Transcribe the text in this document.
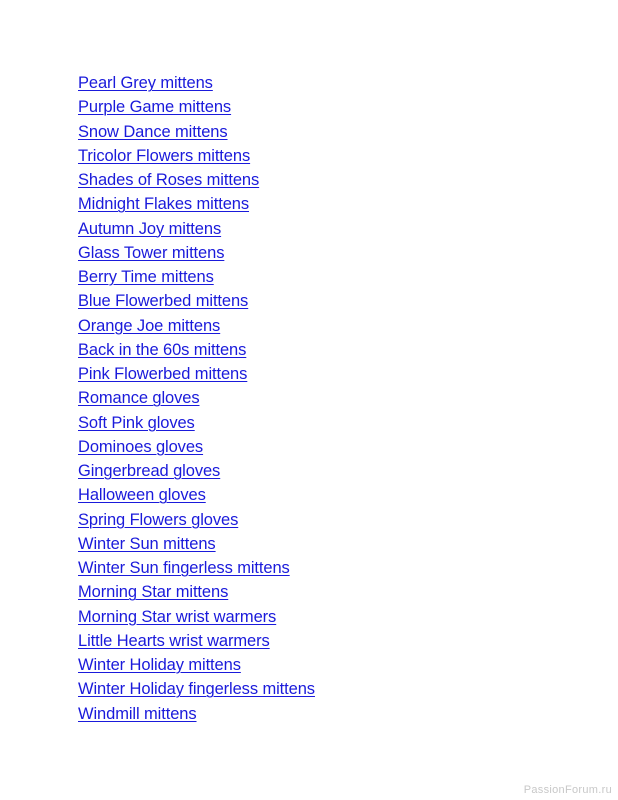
Pearl Grey mittens
Purple Game mittens
Snow Dance mittens
Tricolor Flowers mittens
Shades of Roses mittens
Midnight Flakes mittens
Autumn Joy mittens
Glass Tower mittens
Berry Time mittens
Blue Flowerbed mittens
Orange Joe mittens
Back in the 60s mittens
Pink Flowerbed mittens
Romance gloves
Soft Pink gloves
Dominoes gloves
Gingerbread gloves
Halloween gloves
Spring Flowers gloves
Winter Sun mittens
Winter Sun fingerless mittens
Morning Star mittens
Morning Star wrist warmers
Little Hearts wrist warmers
Winter Holiday mittens
Winter Holiday fingerless mittens
Windmill mittens
PassionForum.ru
